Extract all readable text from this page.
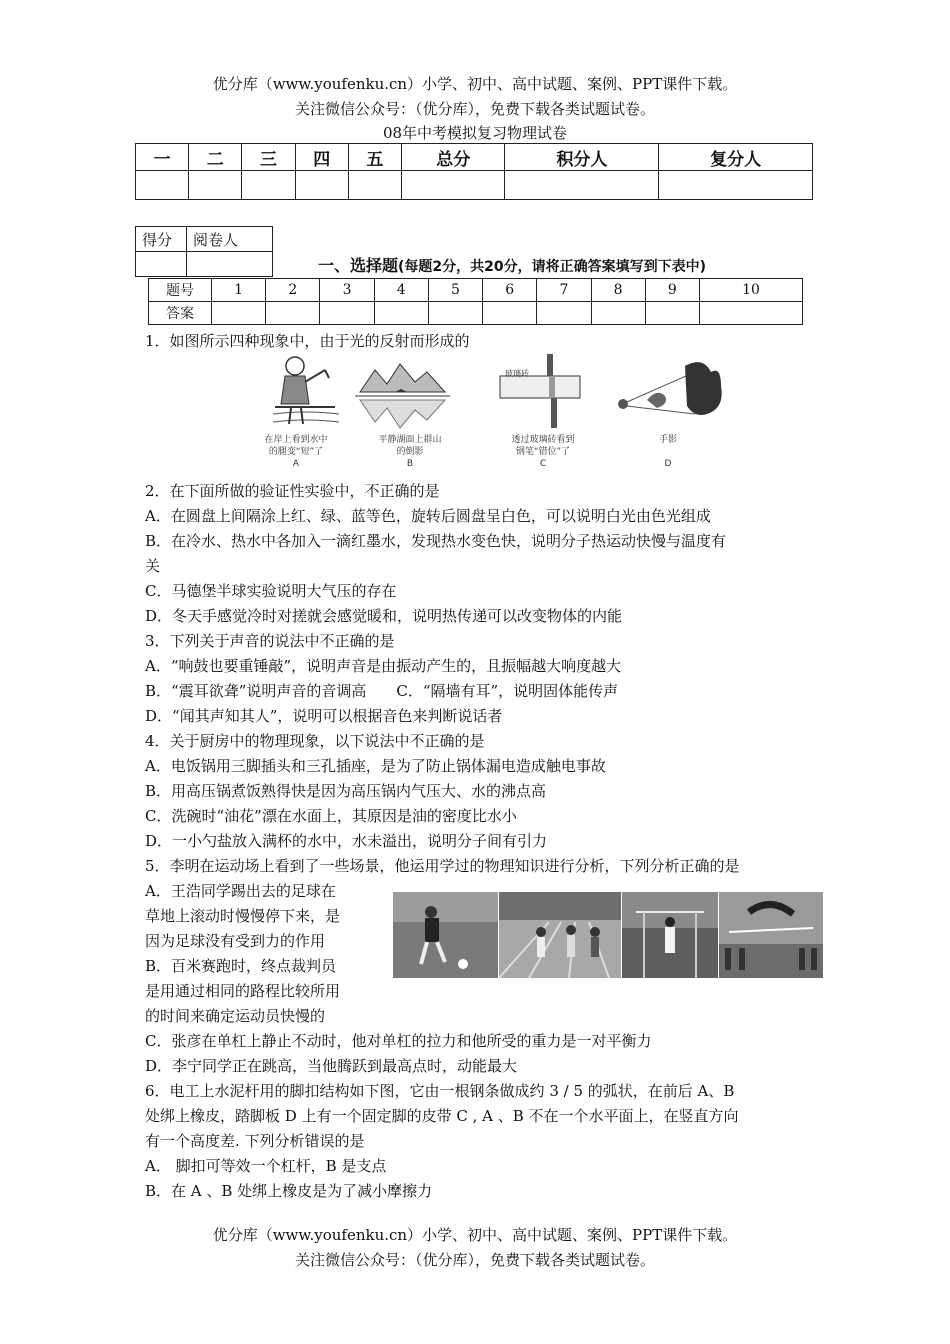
优分库（www.youfenku.cn）小学、初中、高中试题、案例、PPT课件下载。
关注微信公众号：（优分库），免费下载各类试题试卷。
08年中考模拟复习物理试卷
一	二	三	四	五	总分	积分人	复分人

得分	阅卷人

一、选择题(每题2分，共20分，请将正确答案填写到下表中)
题号	1	2	3	4	5	6	7	8	9	10
答案										
1．如图所示四种现象中，由于光的反射而形成的
玻璃砖
在岸上看到水中
的腿变“短”了
A
平静湖面上群山
的倒影
B
透过玻璃砖看到
钢笔“错位”了
C
手影
D
2．在下面所做的验证性实验中，不正确的是
A．在圆盘上间隔涂上红、绿、蓝等色，旋转后圆盘呈白色，可以说明白光由色光组成
B．在冷水、热水中各加入一滴红墨水，发现热水变色快，说明分子热运动快慢与温度有
关
C．马德堡半球实验说明大气压的存在
D．冬天手感觉冷时对搓就会感觉暖和，说明热传递可以改变物体的内能
3．下列关于声音的说法中不正确的是
A．“响鼓也要重锤敲”，说明声音是由振动产生的，且振幅越大响度越大
B．“震耳欲聋”说明声音的音调高　　C．“隔墙有耳”，说明固体能传声
D．“闻其声知其人”，说明可以根据音色来判断说话者
4．关于厨房中的物理现象，以下说法中不正确的是
A．电饭锅用三脚插头和三孔插座，是为了防止锅体漏电造成触电事故
B．用高压锅煮饭熟得快是因为高压锅内气压大、水的沸点高
C．洗碗时“油花”漂在水面上，其原因是油的密度比水小
D．一小勺盐放入满杯的水中，水未溢出，说明分子间有引力
5．李明在运动场上看到了一些场景，他运用学过的物理知识进行分析，下列分析正确的是
A．王浩同学踢出去的足球在
草地上滚动时慢慢停下来，是
因为足球没有受到力的作用
B．百米赛跑时，终点裁判员
是用通过相同的路程比较所用
的时间来确定运动员快慢的
C．张彦在单杠上静止不动时，他对单杠的拉力和他所受的重力是一对平衡力
D．李宁同学正在跳高，当他腾跃到最高点时，动能最大
6．电工上水泥杆用的脚扣结构如下图，它由一根钢条做成约 3 / 5 的弧状，在前后 A、B
处绑上橡皮，踏脚板 D 上有一个固定脚的皮带 C , A 、B 不在一个水平面上，在竖直方向
有一个高度差. 下列分析错误的是
A． 脚扣可等效一个杠杆，B 是支点
B．在 A 、B 处绑上橡皮是为了减小摩擦力
优分库（www.youfenku.cn）小学、初中、高中试题、案例、PPT课件下载。
关注微信公众号：（优分库），免费下载各类试题试卷。
